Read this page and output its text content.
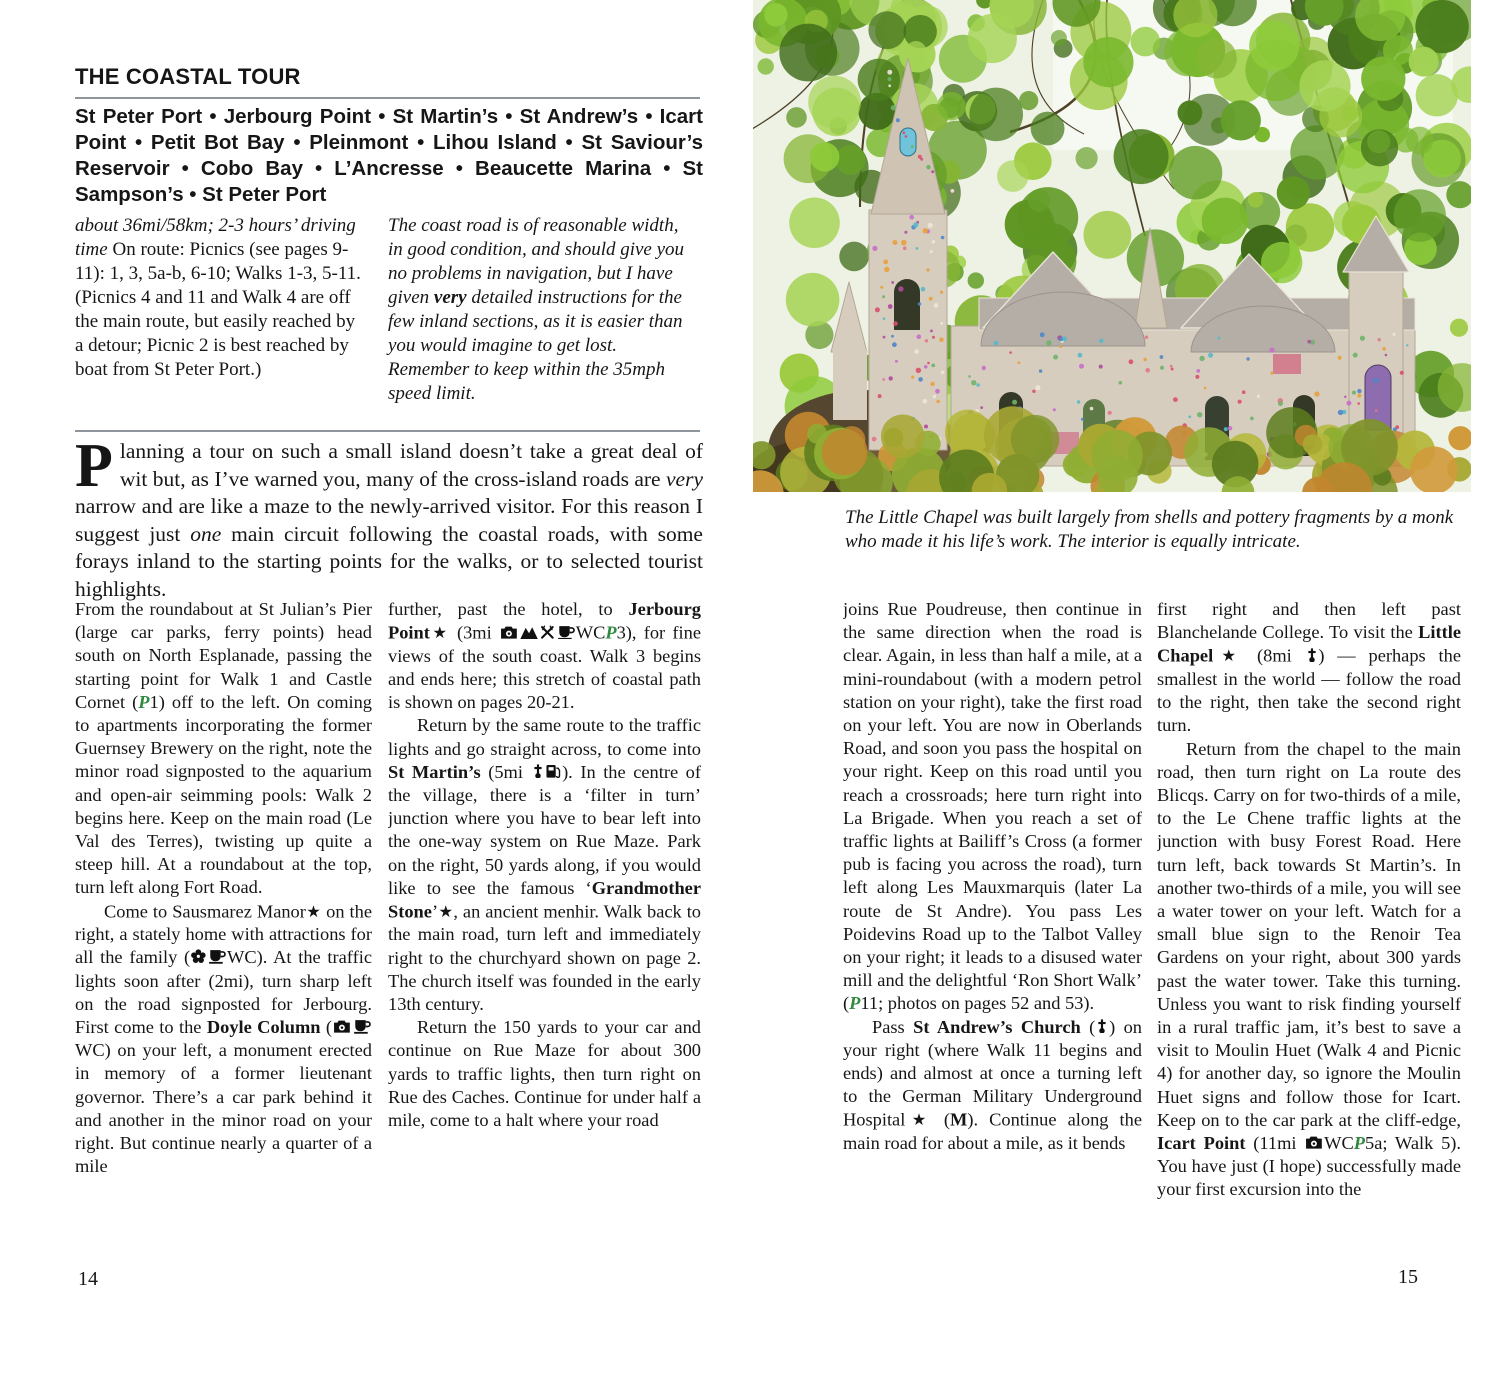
THE COASTAL TOUR
St Peter Port • Jerbourg Point • St Martin’s • St Andrew’s • Icart Point • Petit Bot Bay • Pleinmont • Lihou Island • St Saviour’s Reservoir • Cobo Bay • L’Ancresse • Beaucette Marina • St Sampson’s • St Peter Port
about 36mi/58km; 2-3 hours’ driving time On route: Picnics (see pages 9-11): 1, 3, 5a-b, 6-10; Walks 1-3, 5-11. (Picnics 4 and 11 and Walk 4 are off the main route, but easily reached by a detour; Picnic 2 is best reached by boat from St Peter Port.)
The coast road is of reasonable width, in good condition, and should give you no problems in navigation, but I have given very detailed instructions for the few inland sections, as it is easier than you would imagine to get lost. Remember to keep within the 35mph speed limit.
Planning a tour on such a small island doesn’t take a great deal of wit but, as I’ve warned you, many of the cross-island roads are very narrow and are like a maze to the newly-arrived visitor. For this reason I suggest just one main circuit following the coastal roads, with some forays inland to the starting points for the walks, or to selected tourist highlights.

From the roundabout at St Julian’s Pier (large car parks, ferry points) head south on North Esplanade, passing the starting point for Walk 1 and Castle Cornet (P1) off to the left. On coming to apartments incorporating the former Guernsey Brewery on the right, note the minor road signposted to the aquarium and open-air seimming pools: Walk 2 begins here. Keep on the main road (Le Val des Terres), twisting up quite a steep hill. At a roundabout at the top, turn left along Fort Road.

Come to Sausmarez Manor★ on the right, a stately home with attractions for all the family ( WC). At the traffic lights soon after (2mi), turn sharp left on the road signposted for Jerbourg. First come to the Doyle Column (WC) on your left, a monument erected in memory of a former lieutenant governor. There’s a car park behind it and another in the minor road on your right. But continue nearly a quarter of a mile

further, past the hotel, to Jerbourg Point★ (3mi	WCP3), for fine views of the south coast. Walk 3 begins and ends here; this stretch of coastal path is shown on pages 20-21.

Return by the same route to the traffic lights and go straight across, to come into St Martin’s (5mi ). In the centre of the village, there is a ‘filter in turn’ junction where you have to bear left into the one-way system on Rue Maze. Park on the right, 50 yards along, if you would like to see the famous ‘Grandmother Stone’★, an ancient menhir. Walk back to the main road, turn left and immediately right to the churchyard shown on page 2. The church itself was founded in the early 13th century.

Return the 150 yards to your car and continue on Rue Maze for about 300 yards to traffic lights, then turn right on Rue des Caches. Continue for under half a mile, come to a halt where your road

14
The Little Chapel was built largely from shells and pottery fragments by a monk who made it his life’s work. The interior is equally intricate.

joins Rue Poudreuse, then continue in the same direction when the road is clear. Again, in less than half a mile, at a mini-roundabout (with a modern petrol station on your right), take the first road on your left. You are now in Oberlands Road, and soon you pass the hospital on your right. Keep on this road until you reach a crossroads; here turn right into La Brigade. When you reach a set of traffic lights at Bailiff’s Cross (a former pub is facing you across the road), turn left along Les Mauxmarquis (later La route de St Andre). You pass Les Poidevins Road up to the Talbot Valley on your right; it leads to a disused water mill and the delightful ‘Ron Short Walk’ (P11; photos on pages 52 and 53).

Pass St Andrew’s Church ( ) on your right (where Walk 11 begins and ends) and almost at once a turning left to the German Military Underground Hospital★ (M). Continue along the main road for about a mile, as it bends

first right and then left past Blanchelande College. To visit the Little Chapel★ (8mi ) — perhaps the smallest in the world — follow the road to the right, then take the second right turn.

Return from the chapel to the main road, then turn right on La route des Blicqs. Carry on for two-thirds of a mile, to the Le Chene traffic lights at the junction with busy Forest Road. Here turn left, back towards St Martin’s. In another two-thirds of a mile, you will see a water tower on your left. Watch for a small blue sign to the Renoir Tea Gardens on your right, about 300 yards past the water tower. Take this turning. Unless you want to risk finding yourself in a rural traffic jam, it’s best to save a visit to Moulin Huet (Walk 4 and Picnic 4) for another day, so ignore the Moulin Huet signs and follow those for Icart. Keep on to the car park at the cliff-edge, Icart Point (11mi WCP5a; Walk 5). You have just (I hope) successfully made your first excursion into the

15
